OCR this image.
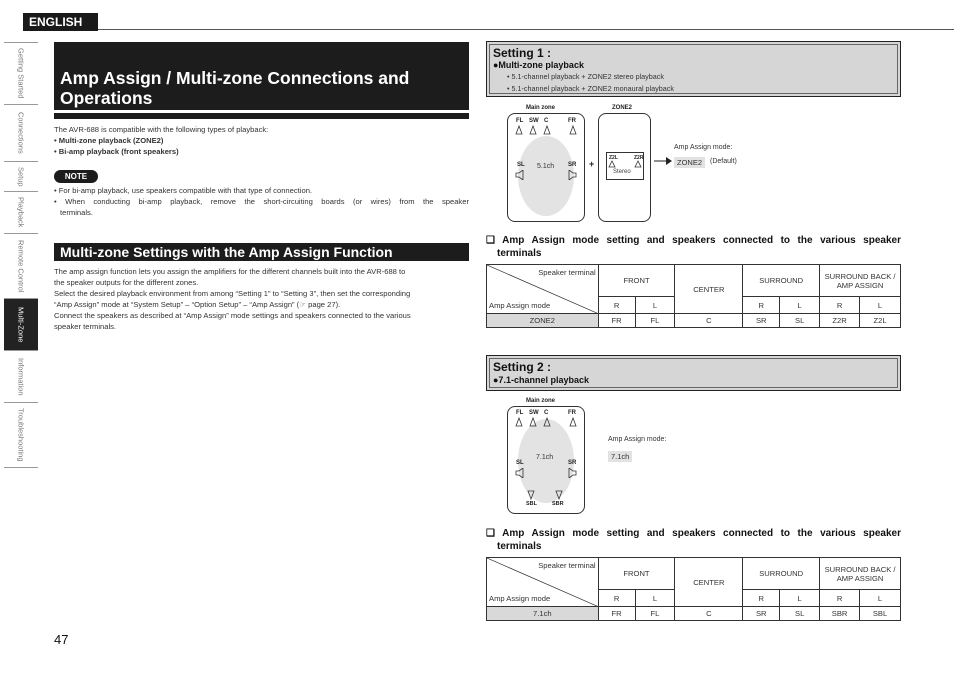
ENGLISH
Getting Started
Connections
Setup
Playback
Remote Control
Multi-Zone
Information
Troubleshooting
Amp Assign / Multi-zone Connections and Operations
The AVR-688 is compatible with the following types of playback:
• Multi-zone playback (ZONE2)
• Bi-amp playback (front speakers)
NOTE
• For bi-amp playback, use speakers compatible with that type of connection.
• When conducting bi-amp playback, remove the short-circuiting boards (or wires) from the speaker
terminals.
Multi-zone Settings with the Amp Assign Function
The amp assign function lets you assign the amplifiers for the different channels built into the AVR-688 to
the speaker outputs for the different zones.
Select the desired playback environment from among “Setting 1” to “Setting 3”, then set the corresponding
“Amp Assign” mode at “System Setup” – “Option Setup” – “Amp Assign” (☞ page 27).
Connect the speakers as described at “Amp Assign” mode settings and speakers connected to the various
speaker terminals.
47
Setting 1 :
●Multi-zone playback
• 5.1-channel playback + ZONE2 stereo playback
• 5.1-channel playback + ZONE2 monaural playback
Main zone
FL SW C	FR
SL	SR
5.1ch	+
ZONE2
Z2L	Z2R
Stereo
Amp Assign mode:
ZONE2	(Default)
❑ Amp Assign mode setting and speakers connected to the various speaker
terminals
Speaker terminal
Amp Assign mode	FRONT		CENTER	SURROUND		SURROUND BACK /
AMP ASSIGN	
	R	L		R	L	R	L
ZONE2	FR	FL	C	SR	SL	Z2R	Z2L
Setting 2 :
●7.1-channel playback
Main zone
FL SW C	FR
7.1ch
SL	SR
SBL	SBR
Amp Assign mode:
7.1ch
❑ Amp Assign mode setting and speakers connected to the various speaker
terminals
Speaker terminal
Amp Assign mode	FRONT		CENTER	SURROUND		SURROUND BACK /
AMP ASSIGN	
	R	L		R	L	R	L
7.1ch	FR	FL	C	SR	SL	SBR	SBL
